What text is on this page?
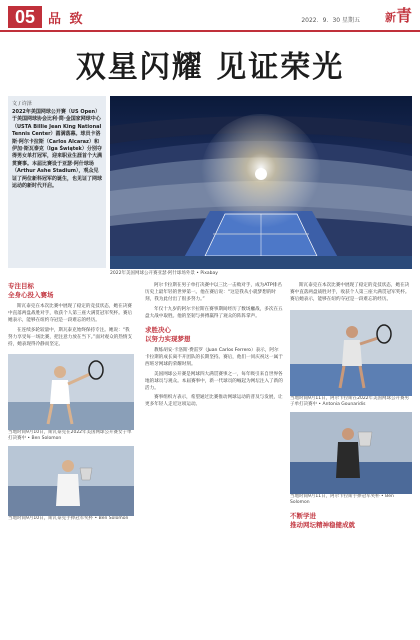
05 品 致	2022．9．30 星期五 新青
双星闪耀 见证荣光
文 / 许泽
2022年美国网球公开赛（US Open）于美国网球协会比利·简·金国家网球中心（USTA Billie Jean King National Tennis Center）圆满落幕。球员卡洛斯·阿尔卡拉斯（Carlos Alcaraz）和伊加·斯瓦泰克（Iga Świątek）分别夺得男女单打冠军，迎来职业生涯首个大满贯赛事。本届比赛设于亚瑟·阿什球场（Arthur Ashe Stadium），观众见证了两位新科冠军的诞生，也见证了网球运动的新时代开启。
2022年美国网球公开赛亚瑟·阿什球场外景 • Pixabay
专注目标
全身心投入赛场
斯瓦泰克在本次比赛中展现了稳定的竞技状态，她在决赛中直落两盘战胜对手，收获个人第三座大满贯冠军奖杯。赛后她表示，能够在纽约夺冠是一段难忘的经历。
在连续多轮较量中，斯瓦泰克始终保持专注。她说：“我努力享受每一场比赛，把注意力放在当下。”面对观众的热情支持，她表现得冷静而坚定。
当地时间9月10日，斯瓦泰克在2022年美国网球公开赛女子单打决赛中 • Ben Solomon
当地时间9月10日，斯瓦泰克手捧冠军奖杯 • Ben Solomon
阿尔卡拉斯在男子单打决赛中以三比一击败对手，成为ATP排名历史上最年轻的世界第一。他在赛后说：“这是我从小就梦想的时刻，我为此付出了很多努力。”
年仅十九岁的阿尔卡拉斯在赛事期间经历了数场鏖战，多次在五盘大战中取胜。他的坚韧与拼搏赢得了观众的阵阵掌声。
求胜决心
以努力实现梦想
教练胡安·卡洛斯·费雷罗（Juan Carlos Ferrero）表示，阿尔卡拉斯的成长离不开团队的长期坚持。赛后，他们一同庆祝这一属于西班牙网球的荣耀时刻。
美国网球公开赛是网球四大满贯赛事之一，每年吸引来自世界各地的球员与观众。本届赛事中，新一代球员的崛起为网坛注入了新的活力。
赛事组织方表示，希望通过比赛推动网球运动的普及与发展，让更多年轻人走近这项运动。
斯瓦泰克在本次比赛中展现了稳定的竞技状态，她在决赛中直落两盘战胜对手，收获个人第三座大满贯冠军奖杯。赛后她表示，能够在纽约夺冠是一段难忘的经历。
当地时间9月11日，阿尔卡拉斯在2022年美国网球公开赛男子单打决赛中 • Antonia Gounaridis
当地时间9月11日，阿尔卡拉斯手捧冠军奖杯 • Ben Solomon
不断学进
推动网坛精神稳健成就
